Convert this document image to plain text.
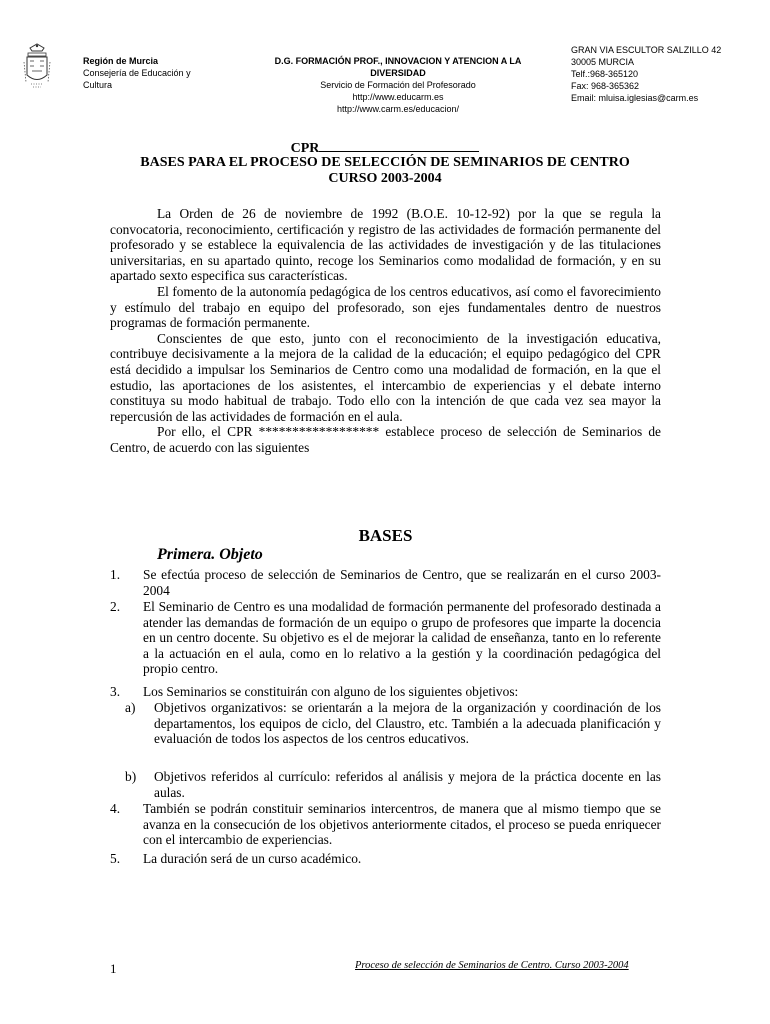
Región de Murcia
Consejería de Educación y
Cultura
D.G. FORMACIÓN PROF., INNOVACION Y ATENCION A LA
DIVERSIDAD
Servicio de Formación del Profesorado
http://www.educarm.es
http://www.carm.es/educacion/
GRAN VIA ESCULTOR SALZILLO 42
30005 MURCIA
Telf.:968-365120
Fax: 968-365362
Email: mluisa.iglesias@carm.es
CPR
BASES PARA EL PROCESO DE SELECCIÓN DE SEMINARIOS DE CENTRO
CURSO 2003-2004

La Orden de 26 de noviembre de 1992 (B.O.E. 10-12-92) por la que se regula la convocatoria, reconocimiento, certificación y registro de las actividades de formación permanente del profesorado y se establece la equivalencia de las actividades de investigación y de las titulaciones universitarias, en su apartado quinto, recoge los Seminarios como modalidad de formación, y en su apartado sexto especifica sus características.

El fomento de la autonomía pedagógica de los centros educativos, así como el favorecimiento y estímulo del trabajo en equipo del profesorado, son ejes fundamentales dentro de nuestros programas de formación permanente.

Conscientes de que esto, junto con el reconocimiento de la investigación educativa, contribuye decisivamente a la mejora de la calidad de la educación; el equipo pedagógico del CPR está decidido a impulsar los Seminarios de Centro como una modalidad de formación, en la que el estudio, las aportaciones de los asistentes, el intercambio de experiencias y el debate interno constituya su modo habitual de trabajo. Todo ello con la intención de que cada vez sea mayor la repercusión de las actividades de formación en el aula.

Por ello, el CPR ****************** establece proceso de selección de Seminarios de Centro, de acuerdo con las siguientes

BASES
Primera. Objeto
1. Se efectúa proceso de selección de Seminarios de Centro, que se realizarán en el curso 2003-2004
2. El Seminario de Centro es una modalidad de formación permanente del profesorado destinada a atender las demandas de formación de un equipo o grupo de profesores que imparte la docencia en un centro docente. Su objetivo es el de mejorar la calidad de enseñanza, tanto en lo referente a la actuación en el aula, como en lo relativo a la gestión y la coordinación pedagógica del propio centro.
3. Los Seminarios se constituirán con alguno de los siguientes objetivos:
a) Objetivos organizativos: se orientarán a la mejora de la organización y coordinación de los departamentos, los equipos de ciclo, del Claustro, etc. También a la adecuada planificación y evaluación de todos los aspectos de los centros educativos.
b) Objetivos referidos al currículo: referidos al análisis y mejora de la práctica docente en las aulas.
4. También se podrán constituir seminarios intercentros, de manera que al mismo tiempo que se avanza en la consecución de los objetivos anteriormente citados, el proceso se pueda enriquecer con el intercambio de experiencias.
5. La duración será de un curso académico.
1	Proceso de selección de Seminarios de Centro. Curso 2003-2004
